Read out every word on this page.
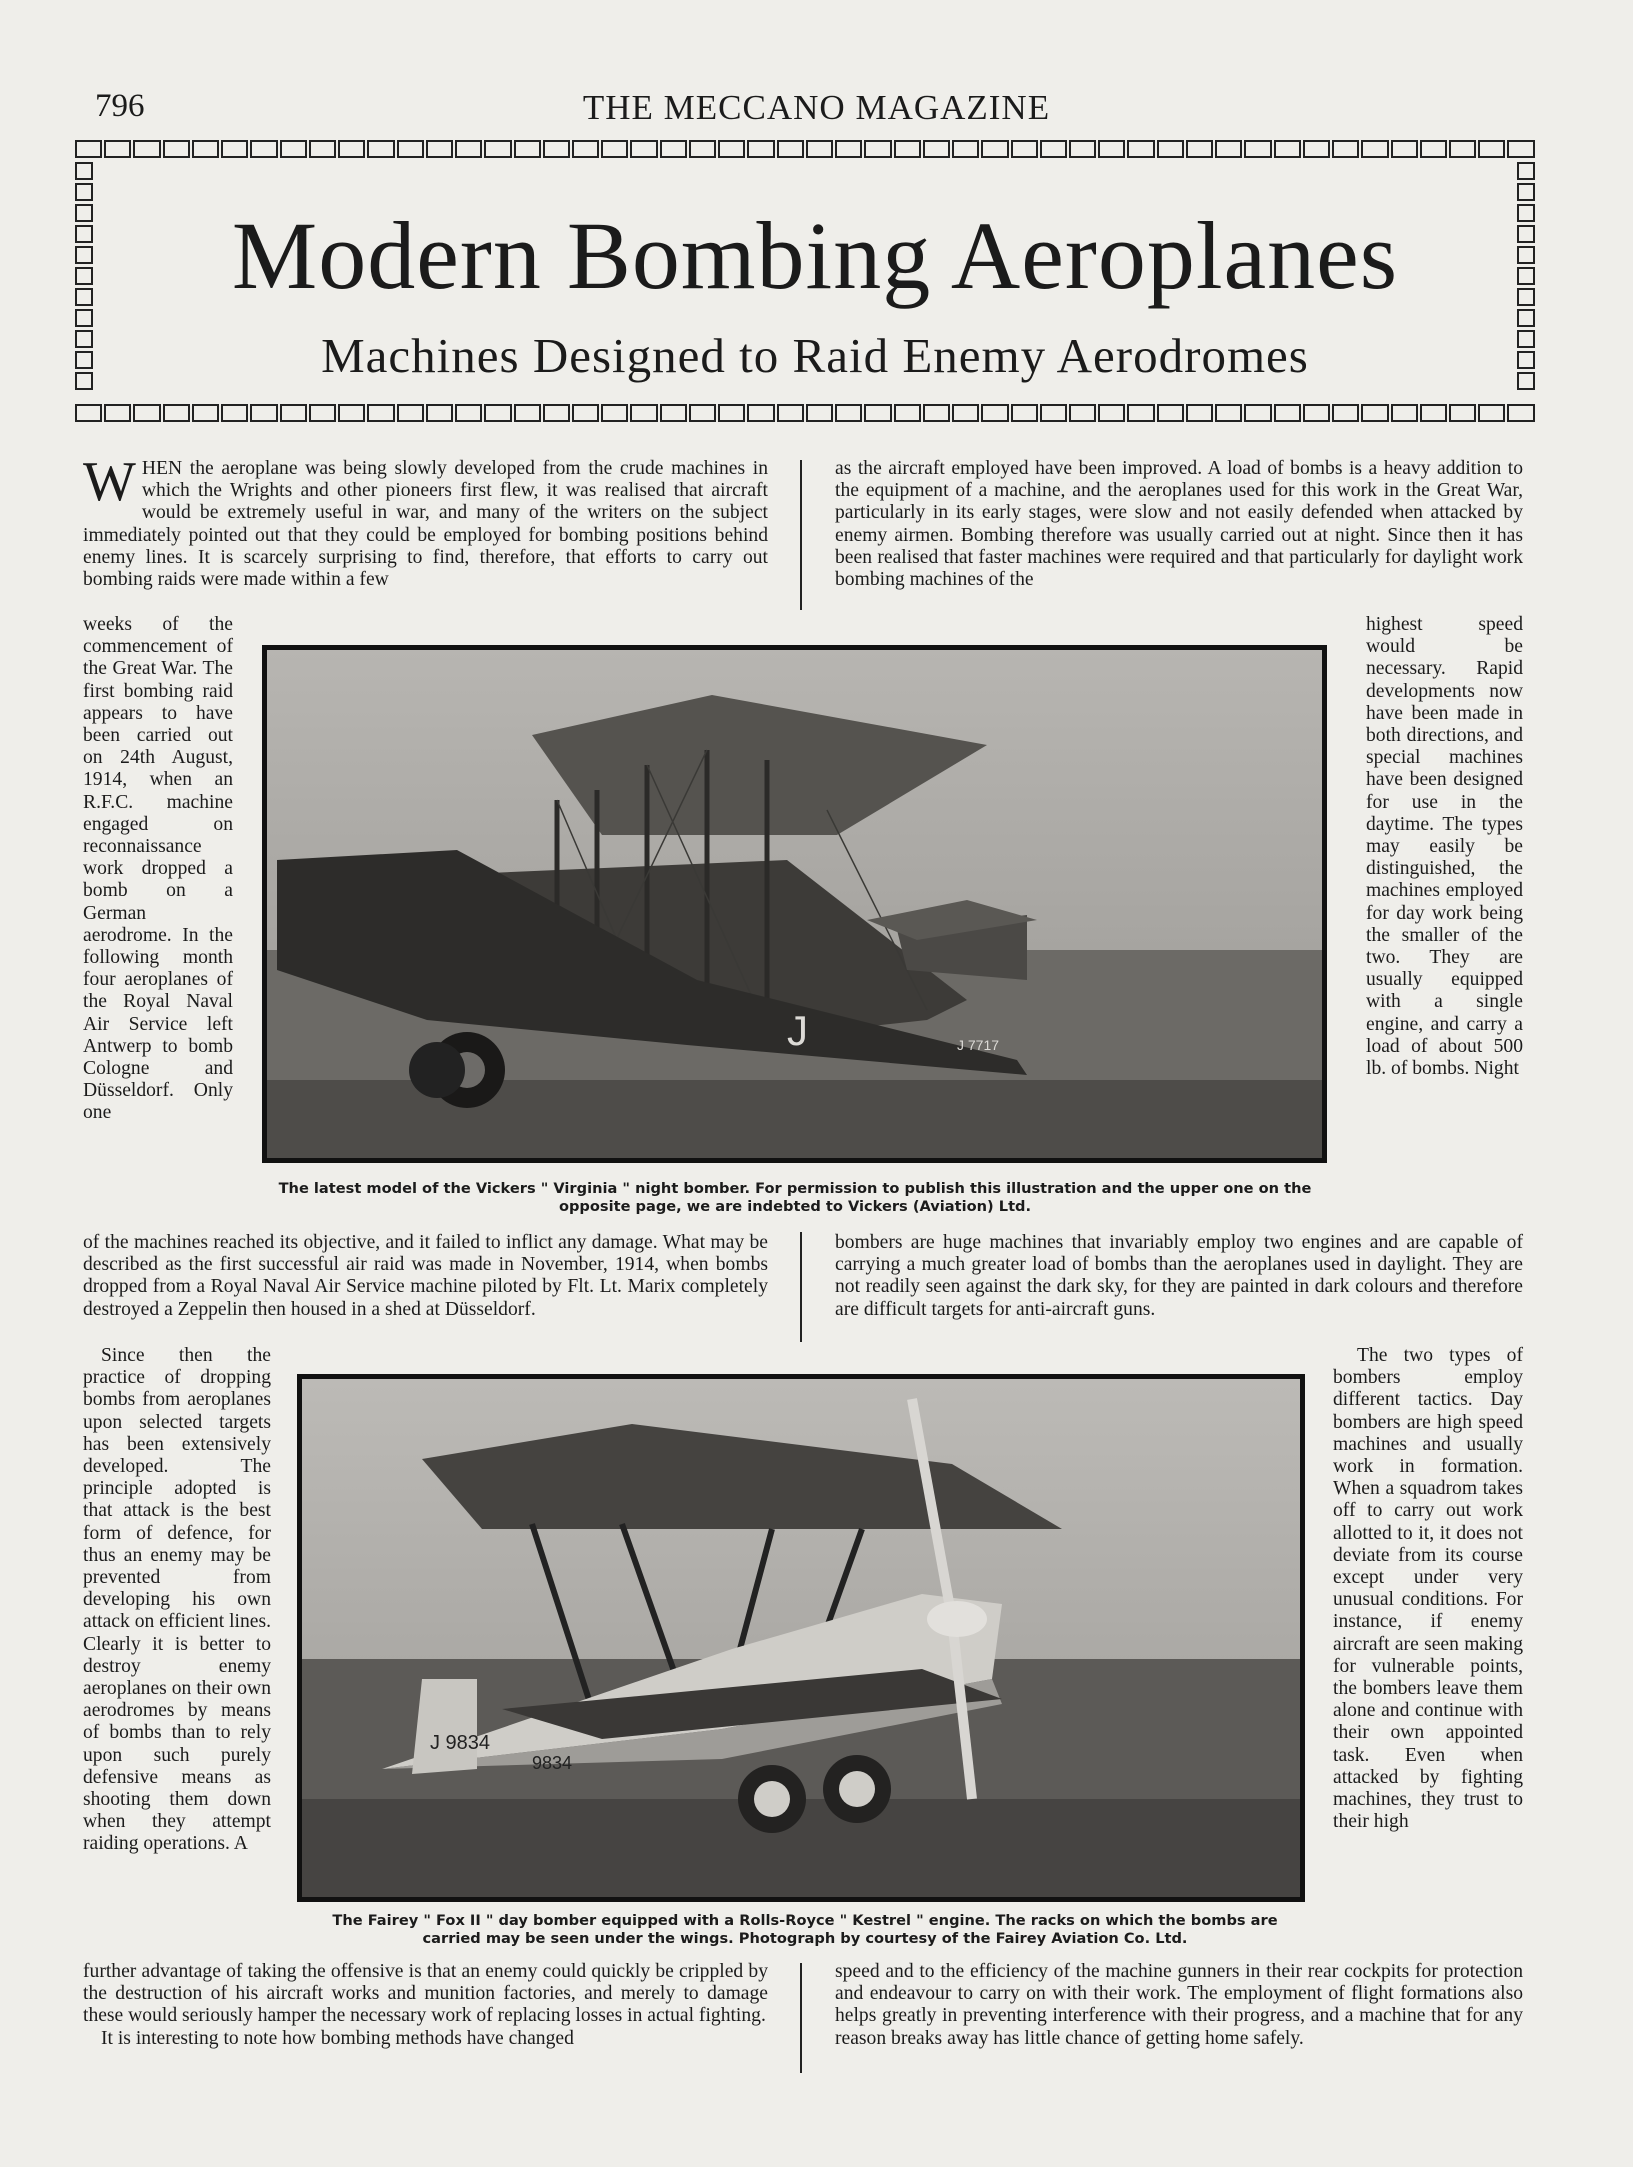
796	THE MECCANO MAGAZINE
Modern Bombing Aeroplanes
Machines Designed to Raid Enemy Aerodromes
W HEN the aeroplane was being slowly developed from the crude machines in which the Wrights and other pioneers first flew, it was realised that aircraft would be extremely useful in war, and many of the writers on the subject immediately pointed out that they could be employed for bombing positions behind enemy lines. It is scarcely surprising to find, therefore, that efforts to carry out bombing raids were made within a few

as the aircraft employed have been improved. A load of bombs is a heavy addition to the equipment of a machine, and the aeroplanes used for this work in the Great War, particularly in its early stages, were slow and not easily defended when attacked by enemy airmen. Bombing therefore was usually carried out at night. Since then it has been realised that faster machines were required and that particularly for daylight work bombing machines of the

weeks of the commencement of the Great War. The first bombing raid appears to have been carried out on 24th August, 1914, when an R.F.C. machine engaged on reconnaissance work dropped a bomb on a German aerodrome. In the following month four aeroplanes of the Royal Naval Air Service left Antwerp to bomb Cologne and Düsseldorf. Only one

highest speed would be necessary. Rapid developments now have been made in both directions, and special machines have been designed for use in the daytime. The types may easily be distinguished, the machines employed for day work being the smaller of the two. They are usually equipped with a single engine, and carry a load of about 500 lb. of bombs. Night

J	J 7717
The latest model of the Vickers " Virginia " night bomber. For permission to publish this illustration and the upper one on the
opposite page, we are indebted to Vickers (Aviation) Ltd.

of the machines reached its objective, and it failed to inflict any damage. What may be described as the first successful air raid was made in November, 1914, when bombs dropped from a Royal Naval Air Service machine piloted by Flt. Lt. Marix completely destroyed a Zeppelin then housed in a shed at Düsseldorf.

bombers are huge machines that invariably employ two engines and are capable of carrying a much greater load of bombs than the aeroplanes used in daylight. They are not readily seen against the dark sky, for they are painted in dark colours and therefore are difficult targets for anti-aircraft guns.

Since then the practice of dropping bombs from aeroplanes upon selected targets has been extensively developed. The principle adopted is that attack is the best form of defence, for thus an enemy may be prevented from developing his own attack on efficient lines. Clearly it is better to destroy enemy aeroplanes on their own aerodromes by means of bombs than to rely upon such purely defensive means as shooting them down when they attempt raiding operations. A

The two types of bombers employ different tactics. Day bombers are high speed machines and usually work in formation. When a squadrom takes off to carry out work allotted to it, it does not deviate from its course except under very unusual conditions. For instance, if enemy aircraft are seen making for vulnerable points, the bombers leave them alone and continue with their own appointed task. Even when attacked by fighting machines, they trust to their high

J 9834
9834
The Fairey " Fox II " day bomber equipped with a Rolls-Royce " Kestrel " engine. The racks on which the bombs are
carried may be seen under the wings. Photograph by courtesy of the Fairey Aviation Co. Ltd.

further advantage of taking the offensive is that an enemy could quickly be crippled by the destruction of his aircraft works and munition factories, and merely to damage these would seriously hamper the necessary work of replacing losses in actual fighting.

It is interesting to note how bombing methods have changed

speed and to the efficiency of the machine gunners in their rear cockpits for protection and endeavour to carry on with their work. The employment of flight formations also helps greatly in preventing interference with their progress, and a machine that for any reason breaks away has little chance of getting home safely.
